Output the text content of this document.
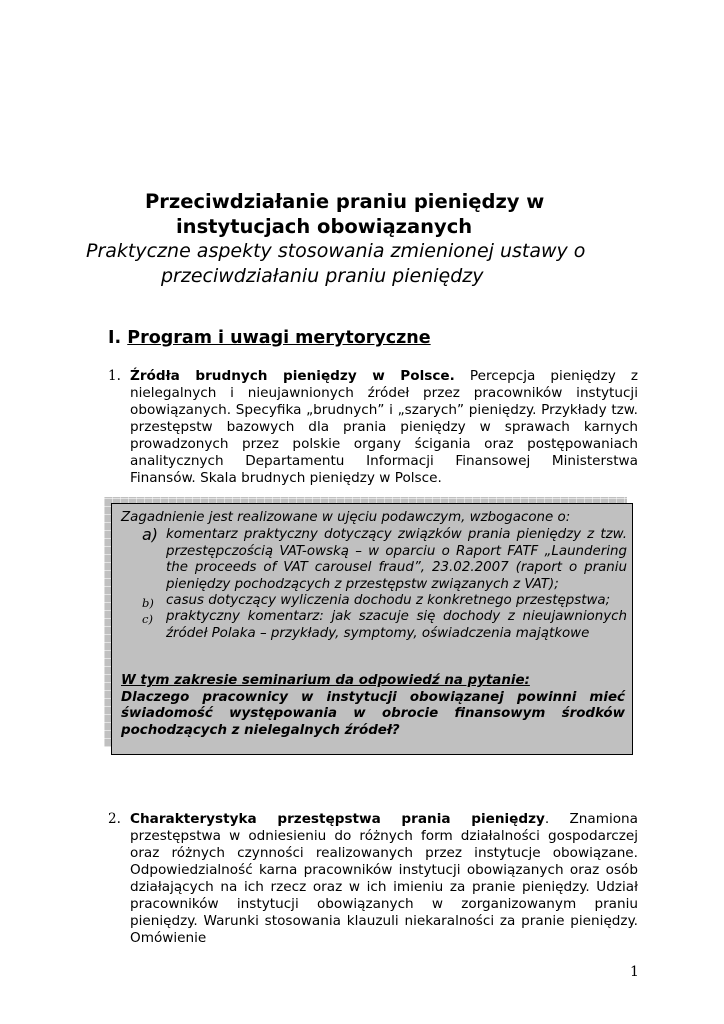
Przeciwdziałanie praniu pieniędzy w
instytucjach obowiązanych
Praktyczne aspekty stosowania zmienionej ustawy o
przeciwdziałaniu praniu pieniędzy
I. Program i uwagi merytoryczne
1. Źródła brudnych pieniędzy w Polsce. Percepcja pieniędzy z nielegalnych i nieujawnionych źródeł przez pracowników instytucji obowiązanych. Specyfika „brudnych” i „szarych” pieniędzy. Przykłady tzw. przestępstw bazowych dla prania pieniędzy w sprawach karnych prowadzonych przez polskie organy ścigania oraz postępowaniach analitycznych Departamentu Informacji Finansowej Ministerstwa Finansów. Skala brudnych pieniędzy w Polsce.
Zagadnienie jest realizowane w ujęciu podawczym, wzbogacone o:
a) komentarz praktyczny dotyczący związków prania pieniędzy z tzw. przestępczością VAT-owską – w oparciu o Raport FATF „Laundering the proceeds of VAT carousel fraud”, 23.02.2007 (raport o praniu pieniędzy pochodzących z przestępstw związanych z VAT);
b) casus dotyczący wyliczenia dochodu z konkretnego przestępstwa;
c) praktyczny komentarz: jak szacuje się dochody z nieujawnionych źródeł Polaka – przykłady, symptomy, oświadczenia majątkowe
W tym zakresie seminarium da odpowiedź na pytanie:
Dlaczego pracownicy w instytucji obowiązanej powinni mieć świadomość występowania w obrocie finansowym środków pochodzących z nielegalnych źródeł?
2. Charakterystyka przestępstwa prania pieniędzy. Znamiona przestępstwa w odniesieniu do różnych form działalności gospodarczej oraz różnych czynności realizowanych przez instytucje obowiązane. Odpowiedzialność karna pracowników instytucji obowiązanych oraz osób działających na ich rzecz oraz w ich imieniu za pranie pieniędzy. Udział pracowników instytucji obowiązanych w zorganizowanym praniu pieniędzy. Warunki stosowania klauzuli niekaralności za pranie pieniędzy. Omówienie
1
